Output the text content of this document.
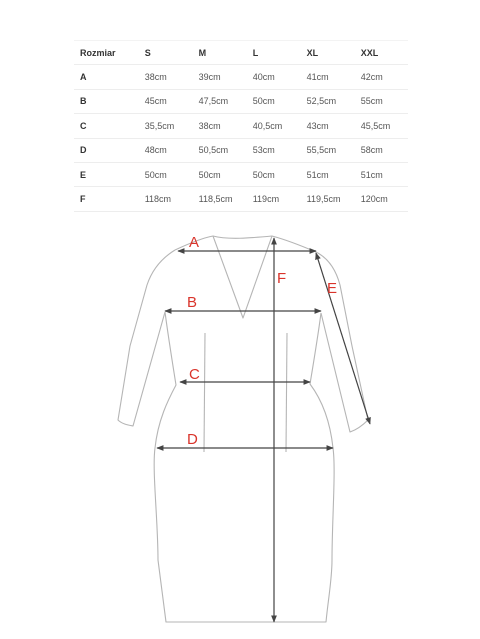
Rozmiar	S	M	L	XL	XXL
A	38cm	39cm	40cm	41cm	42cm
B	45cm	47,5cm	50cm	52,5cm	55cm
C	35,5cm	38cm	40,5cm	43cm	45,5cm
D	48cm	50,5cm	53cm	55,5cm	58cm
E	50cm	50cm	50cm	51cm	51cm
F	118cm	118,5cm	119cm	119,5cm	120cm
A
B
C
D
E
F
